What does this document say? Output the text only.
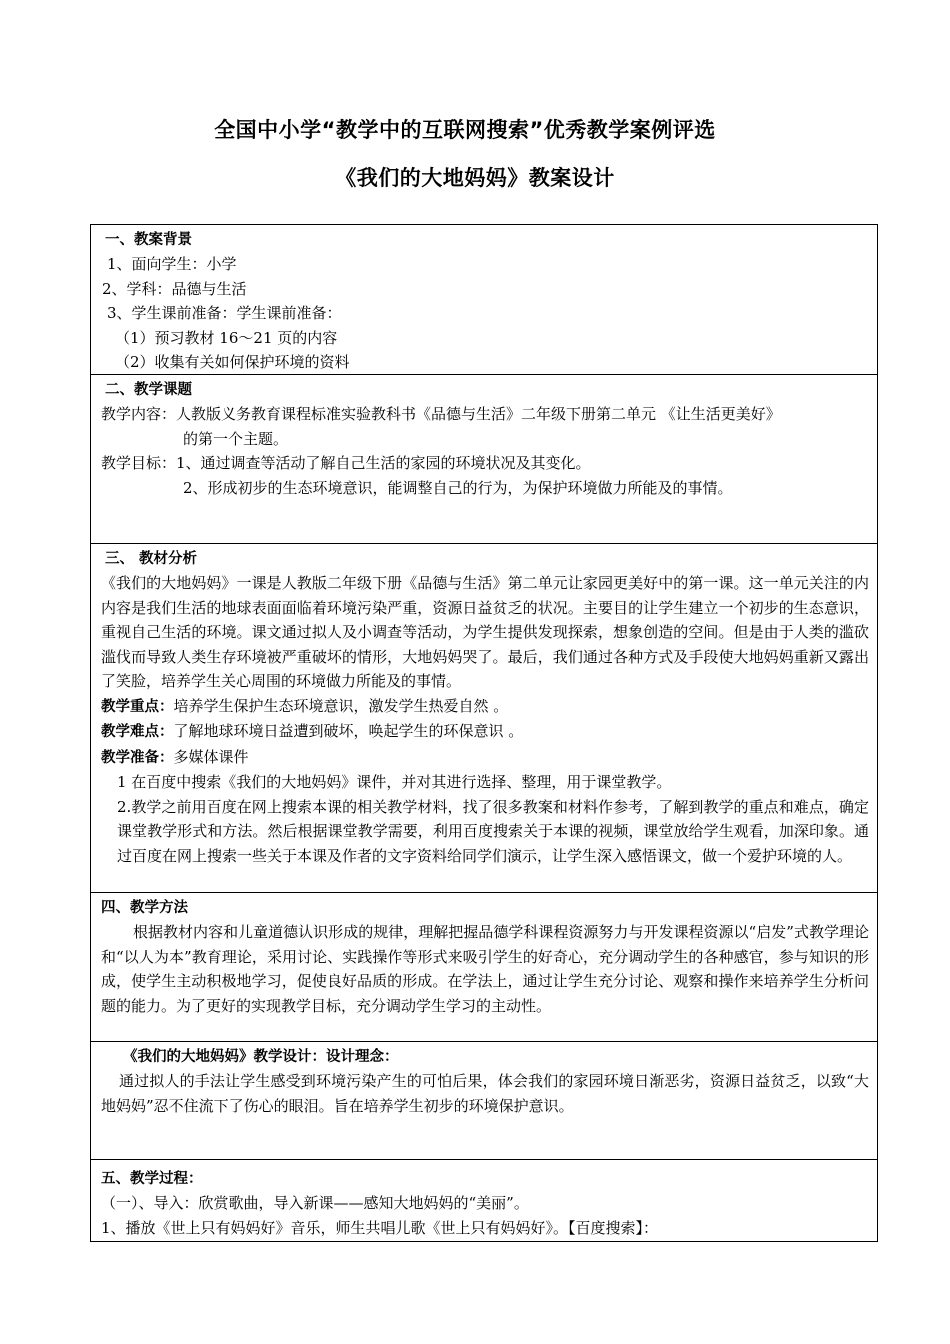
全国中小学“教学中的互联网搜索”优秀教学案例评选
《我们的大地妈妈》教案设计
一、教案背景
1、面向学生：小学
2、学科：品德与生活
3、学生课前准备：学生课前准备：
（1）预习教材 16～21 页的内容
（2）收集有关如何保护环境的资料
二、教学课题
教学内容：人教版义务教育课程标准实验教科书《品德与生活》二年级下册第二单元 《让生活更美好》
的第一个主题。
教学目标：1、通过调查等活动了解自己生活的家园的环境状况及其变化。
2、形成初步的生态环境意识，能调整自己的行为，为保护环境做力所能及的事情。
三、 教材分析
《我们的大地妈妈》一课是人教版二年级下册《品德与生活》第二单元让家园更美好中的第一课。这一单元关注的内内容是我们生活的地球表面面临着环境污染严重，资源日益贫乏的状况。主要目的让学生建立一个初步的生态意识，重视自己生活的环境。课文通过拟人及小调查等活动，为学生提供发现探索，想象创造的空间。但是由于人类的滥砍滥伐而导致人类生存环境被严重破坏的情形，大地妈妈哭了。最后，我们通过各种方式及手段使大地妈妈重新又露出了笑脸，培养学生关心周围的环境做力所能及的事情。
教学重点：培养学生保护生态环境意识，激发学生热爱自然 。
教学难点：了解地球环境日益遭到破坏，唤起学生的环保意识 。
教学准备：多媒体课件
1 在百度中搜索《我们的大地妈妈》课件，并对其进行选择、整理，用于课堂教学。
2.教学之前用百度在网上搜索本课的相关教学材料，找了很多教案和材料作参考，了解到教学的重点和难点，确定课堂教学形式和方法。然后根据课堂教学需要，利用百度搜索关于本课的视频，课堂放给学生观看，加深印象。通过百度在网上搜索一些关于本课及作者的文字资料给同学们演示，让学生深入感悟课文，做一个爱护环境的人。
四、教学方法
根据教材内容和儿童道德认识形成的规律，理解把握品德学科课程资源努力与开发课程资源以“启发”式教学理论和“以人为本”教育理论，采用讨论、实践操作等形式来吸引学生的好奇心，充分调动学生的各种感官，参与知识的形成，使学生主动积极地学习，促使良好品质的形成。在学法上，通过让学生充分讨论、观察和操作来培养学生分析问题的能力。为了更好的实现教学目标，充分调动学生学习的主动性。
《我们的大地妈妈》教学设计：设计理念：
通过拟人的手法让学生感受到环境污染产生的可怕后果，体会我们的家园环境日渐恶劣，资源日益贫乏，以致“大地妈妈”忍不住流下了伤心的眼泪。旨在培养学生初步的环境保护意识。
五、教学过程：
（一）、导入：欣赏歌曲，导入新课——感知大地妈妈的“美丽”。
1、播放《世上只有妈妈好》音乐，师生共唱儿歌《世上只有妈妈好》。【百度搜索】：
